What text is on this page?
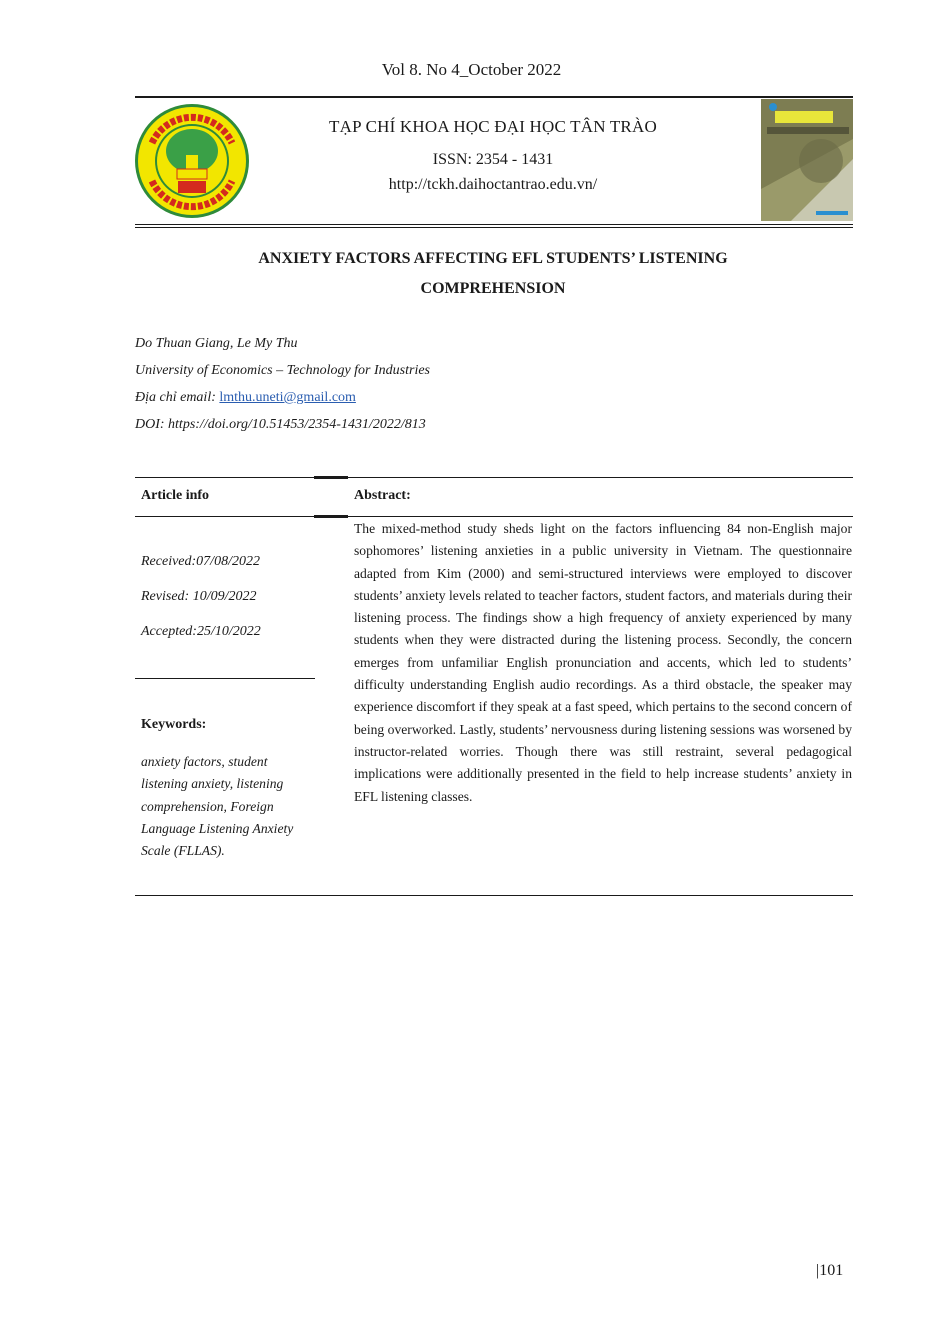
Vol 8. No 4_October 2022
TẠP CHÍ KHOA HỌC ĐẠI HỌC TÂN TRÀO
ISSN: 2354 - 1431
http://tckh.daihoctantrao.edu.vn/
ANXIETY FACTORS AFFECTING EFL STUDENTS’ LISTENING
COMPREHENSION
Do Thuan Giang, Le My Thu
University of Economics – Technology for Industries
Địa chỉ email: lmthu.uneti@gmail.com
DOI: https://doi.org/10.51453/2354-1431/2022/813
Article info	Abstract:
Received:07/08/2022
Revised: 10/09/2022
Accepted:25/10/2022
Keywords:
anxiety factors, student listening anxiety, listening comprehension, Foreign Language Listening Anxiety Scale (FLLAS).
The mixed-method study sheds light on the factors influencing 84 non-English major sophomores’ listening anxieties in a public university in Vietnam. The questionnaire adapted from Kim (2000) and semi-structured interviews were employed to discover students’ anxiety levels related to teacher factors, student factors, and materials during their listening process. The findings show a high frequency of anxiety experienced by many students when they were distracted during the listening process. Secondly, the concern emerges from unfamiliar English pronunciation and accents, which led to students’ difficulty understanding English audio recordings. As a third obstacle, the speaker may experience discomfort if they speak at a fast speed, which pertains to the second concern of being overworked. Lastly, students’ nervousness during listening sessions was worsened by instructor-related worries. Though there was still restraint, several pedagogical implications were additionally presented in the field to help increase students’ anxiety in EFL listening classes.
|101
